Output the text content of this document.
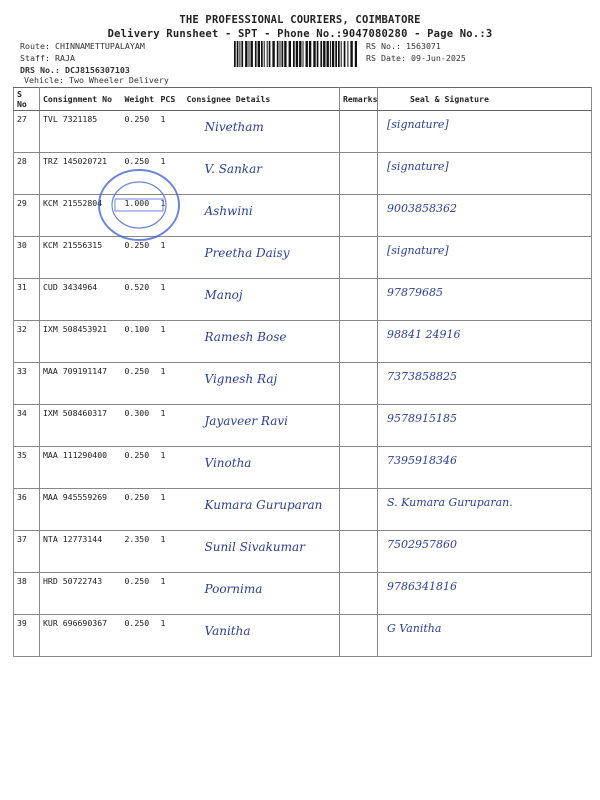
THE PROFESSIONAL COURIERS, COIMBATORE
Delivery Runsheet - SPT - Phone No.:9047080280 - Page No.:3
Route: CHINNAMETTUPALAYAM
Staff: RAJA
DRS No.: DCJ8156307103
Vehicle: Two Wheeler Delivery
RS No.: 1563071
RS Date: 09-Jun-2025
S No	Consignment No	Weight	PCS	Consignee Details	Remarks	Seal & Signature
27	TVL 7321185	0.250	1	Nivetham		[signature]

28	TRZ 145020721	0.250	1	V. Sankar		[signature]

29	KCM 21552804	1.000	1	Ashwini		9003858362

30	KCM 21556315	0.250	1	Preetha Daisy		[signature]

31	CUD 3434964	0.520	1	Manoj		97879685

32	IXM 508453921	0.100	1	Ramesh Bose		98841 24916

33	MAA 709191147	0.250	1	Vignesh Raj		7373858825

34	IXM 508460317	0.300	1	Jayaveer Ravi		9578915185

35	MAA 111290400	0.250	1	Vinotha		7395918346

36	MAA 945559269	0.250	1	Kumara Guruparan		S. Kumara Guruparan.

37	NTA 12773144	2.350	1	Sunil Sivakumar		7502957860

38	HRD 50722743	0.250	1	Poornima		9786341816

39	KUR 696690367	0.250	1	Vanitha		G Vanitha
